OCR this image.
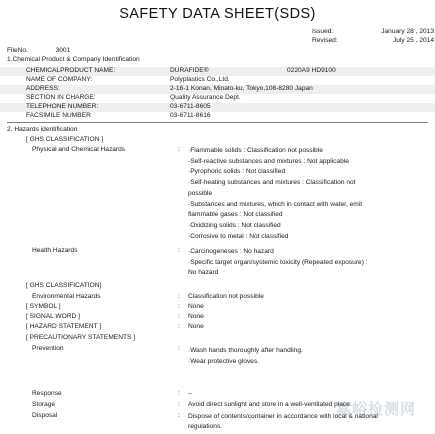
SAFETY DATA SHEET(SDS)
Issued:	January 28 , 2013
Revised:	July 25 , 2014
FileNo.	3001
1.Chemical Product & Company Identification
CHEMICALPRODUCT NAME:	DURAFIDE®	0220A9 HD9100
NAME OF COMPANY:	Polyplastics Co.,Ltd.
ADDRESS:	2-18-1 Konan, Minato-ku, Tokyo,108-8280 Japan
SECTION IN CHARGE:	Quality Assurance Dept.
TELEPHONE NUMBER:	03-6711-8605
FACSIMILE NUMBER	03-6711-8616
2. Hazards identification
[ GHS CLASSIFICATION ]
Physical and Chemical Hazards	: ·Flammable solids : Classification not possible
·Self-reactive substances and mixtures : Not applicable
·Pyrophoric solids : Not classified
·Self-heating substances and mixtures : Classification not
possible
·Substances and mixtures, which in contact with water, emit
flammable gases : Not classified
·Oxidizing solids : Not classified
·Corrosive to metal : Not classified
Health Hazards	: ·Carcinogeneses : No hazard
·Specific target organ/systemic toxicity (Repeated exposure) :
No hazard
[ GHS CLASSIFICATION]
Environmental Hazards	: Classification not possible
[ SYMBOL ]	: None
[ SIGNAL WORD ]	: None
[ HAZARD STATEMENT ]	: None
[ PRECAUTIONARY STATEMENTS ]
Prevention	: ·Wash hands thoroughly after handling.
·Wear protective gloves.
Response	: –
Storage	: Avoid direct sunlight and store in a well-ventilated place.
Disposal	: Dispose of contents/container in accordance with local & national
regulations.
嘉峪检测网
